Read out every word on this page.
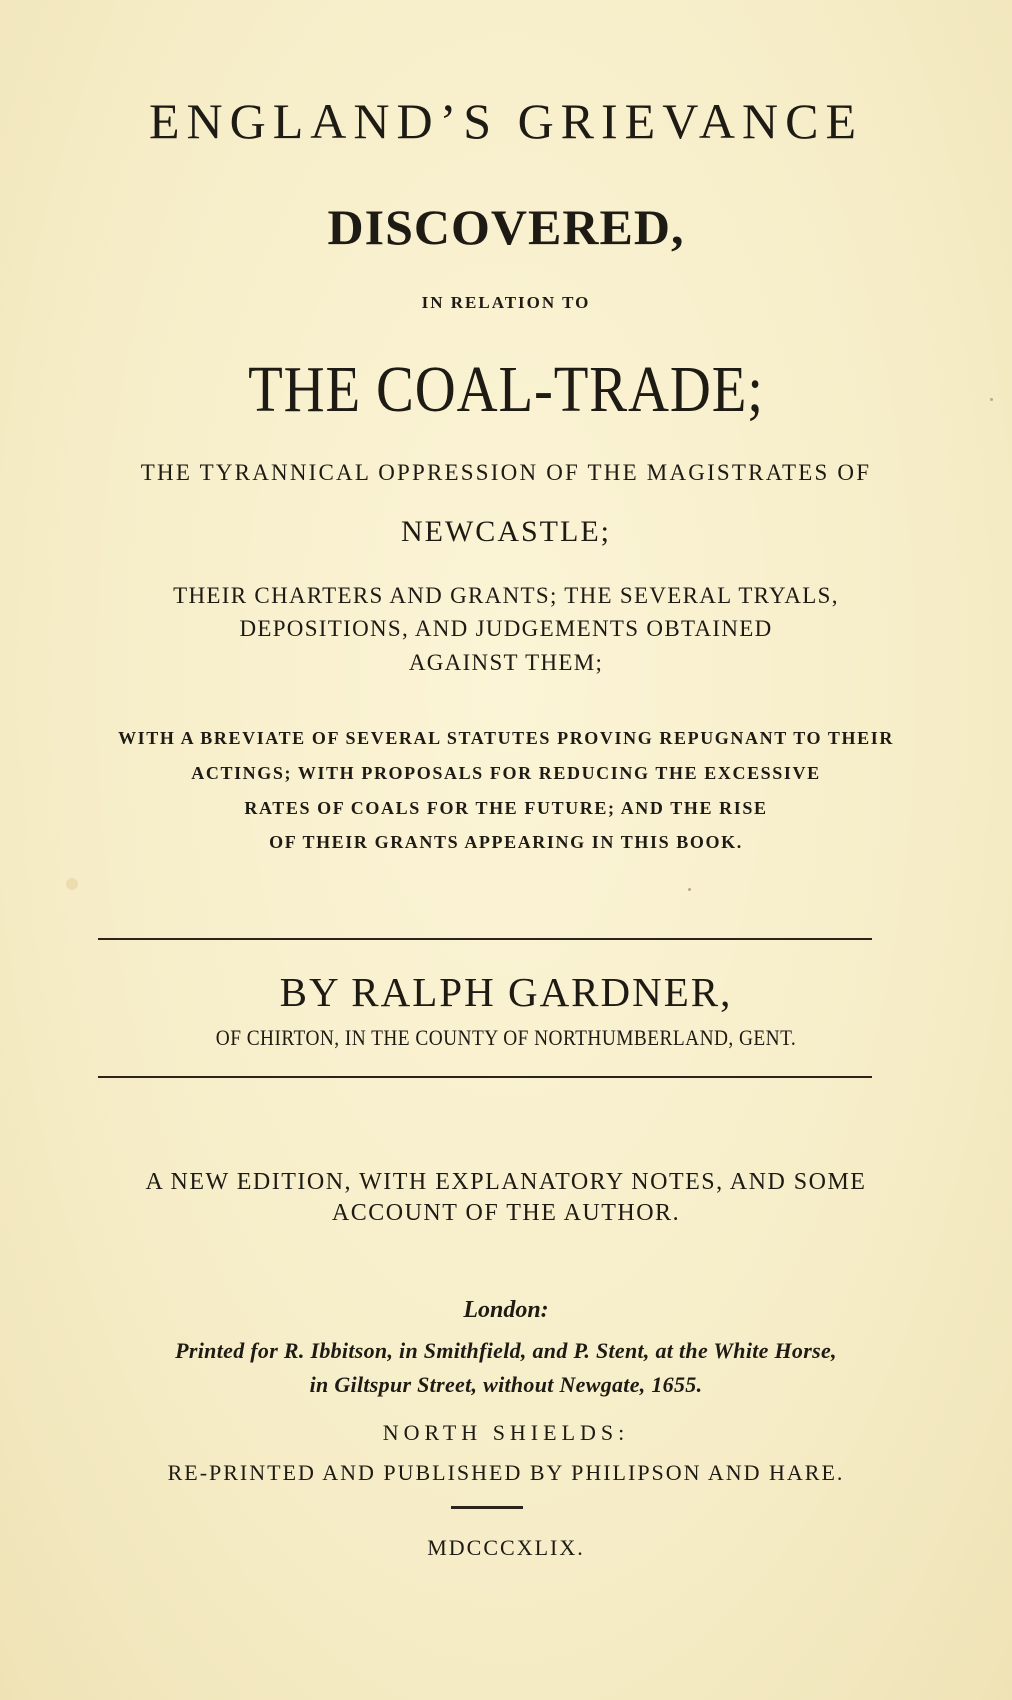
ENGLAND’S GRIEVANCE
DISCOVERED,
IN RELATION TO
THE COAL-TRADE;
THE TYRANNICAL OPPRESSION OF THE MAGISTRATES OF
NEWCASTLE;
THEIR CHARTERS AND GRANTS; THE SEVERAL TRYALS,
DEPOSITIONS, AND JUDGEMENTS OBTAINED
AGAINST THEM;
WITH A BREVIATE OF SEVERAL STATUTES PROVING REPUGNANT TO THEIR
ACTINGS; WITH PROPOSALS FOR REDUCING THE EXCESSIVE
RATES OF COALS FOR THE FUTURE; AND THE RISE
OF THEIR GRANTS APPEARING IN THIS BOOK.
BY RALPH GARDNER,
OF CHIRTON, IN THE COUNTY OF NORTHUMBERLAND, GENT.
A NEW EDITION, WITH EXPLANATORY NOTES, AND SOME
ACCOUNT OF THE AUTHOR.
London:
Printed for R. Ibbitson, in Smithfield, and P. Stent, at the White Horse,
in Giltspur Street, without Newgate, 1655.
NORTH SHIELDS:
RE-PRINTED AND PUBLISHED BY PHILIPSON AND HARE.
MDCCCXLIX.
